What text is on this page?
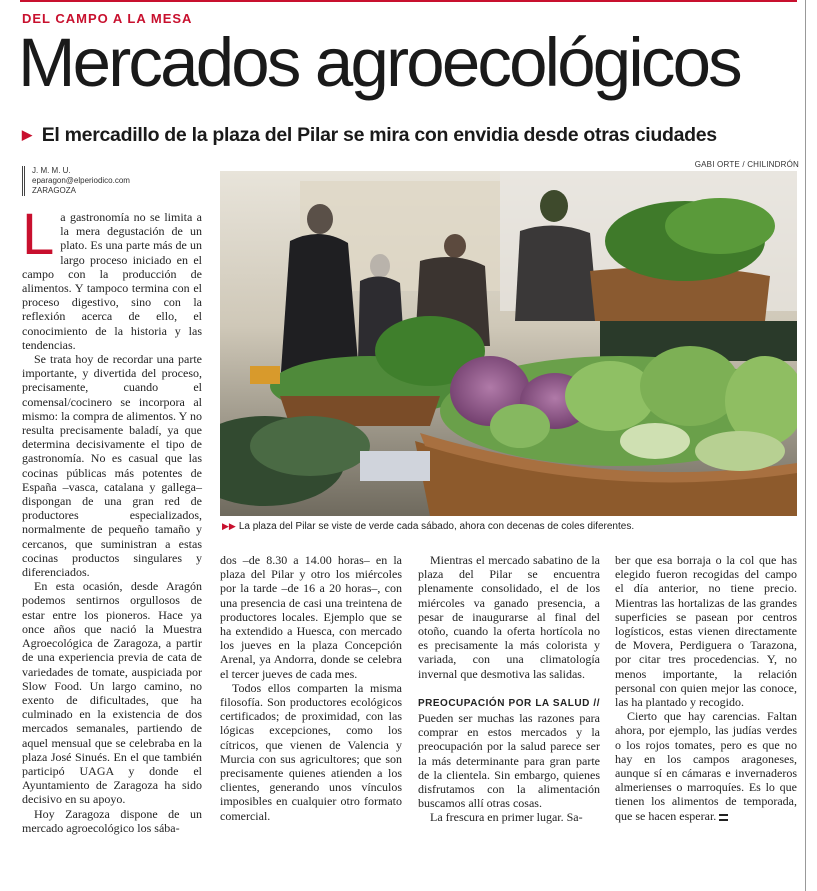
DEL CAMPO A LA MESA
Mercados agroecológicos
▶ El mercadillo de la plaza del Pilar se mira con envidia desde otras ciudades
GABI ORTE / CHILINDRÓN
J. M. M. U.
eparagon@elperiodico.com
ZARAGOZA
▶▶ La plaza del Pilar se viste de verde cada sábado, ahora con decenas de coles diferentes.

La gastronomía no se limita a la mera degustación de un plato. Es una parte más de un largo proceso iniciado en el campo con la producción de alimentos. Y tampoco termina con el proceso digestivo, sino con la reflexión acerca de ello, el conocimiento de la historia y las tendencias.

Se trata hoy de recordar una parte importante, y divertida del proceso, precisamente, cuando el comensal/cocinero se incorpora al mismo: la compra de alimentos. Y no resulta precisamente baladí, ya que determina decisivamente el tipo de gastronomía. No es casual que las cocinas públicas más potentes de España –vasca, catalana y gallega– dispongan de una gran red de productores especializados, normalmente de pequeño tamaño y cercanos, que suministran a estas cocinas productos singulares y diferenciados.

En esta ocasión, desde Aragón podemos sentirnos orgullosos de estar entre los pioneros. Hace ya once años que nació la Muestra Agroecológica de Zaragoza, a partir de una experiencia previa de cata de variedades de tomate, auspiciada por Slow Food. Un largo camino, no exento de dificultades, que ha culminado en la existencia de dos mercados semanales, partiendo de aquel mensual que se celebraba en la plaza José Sinués. En el que también participó UAGA y donde el Ayuntamiento de Zaragoza ha sido decisivo en su apoyo.

Hoy Zaragoza dispone de un mercado agroecológico los sába-

dos –de 8.30 a 14.00 horas– en la plaza del Pilar y otro los miércoles por la tarde –de 16 a 20 horas–, con una presencia de casi una treintena de productores locales. Ejemplo que se ha extendido a Huesca, con mercado los jueves en la plaza Concepción Arenal, ya Andorra, donde se celebra el tercer jueves de cada mes.

Todos ellos comparten la misma filosofía. Son productores ecológicos certificados; de proximidad, con las lógicas excepciones, como los cítricos, que vienen de Valencia y Murcia con sus agricultores; que son precisamente quienes atienden a los clientes, generando unos vínculos imposibles en cualquier otro formato comercial.

Mientras el mercado sabatino de la plaza del Pilar se encuentra plenamente consolidado, el de los miércoles va ganado presencia, a pesar de inaugurarse al final del otoño, cuando la oferta hortícola no es precisamente la más colorista y variada, con una climatología invernal que desmotiva las salidas.

PREOCUPACIÓN POR LA SALUD // Pueden ser muchas las razones para comprar en estos mercados y la preocupación por la salud parece ser la más determinante para gran parte de la clientela. Sin embargo, quienes disfrutamos con la alimentación buscamos allí otras cosas.

La frescura en primer lugar. Sa-

ber que esa borraja o la col que has elegido fueron recogidas del campo el día anterior, no tiene precio. Mientras las hortalizas de las grandes superficies se pasean por centros logísticos, estas vienen directamente de Movera, Perdiguera o Tarazona, por citar tres procedencias. Y, no menos importante, la relación personal con quien mejor las conoce, las ha plantado y recogido.

Cierto que hay carencias. Faltan ahora, por ejemplo, las judías verdes o los rojos tomates, pero es que no hay en los campos aragoneses, aunque sí en cámaras e invernaderos almerienses o marroquíes. Es lo que tienen los alimentos de temporada, que se hacen esperar.
